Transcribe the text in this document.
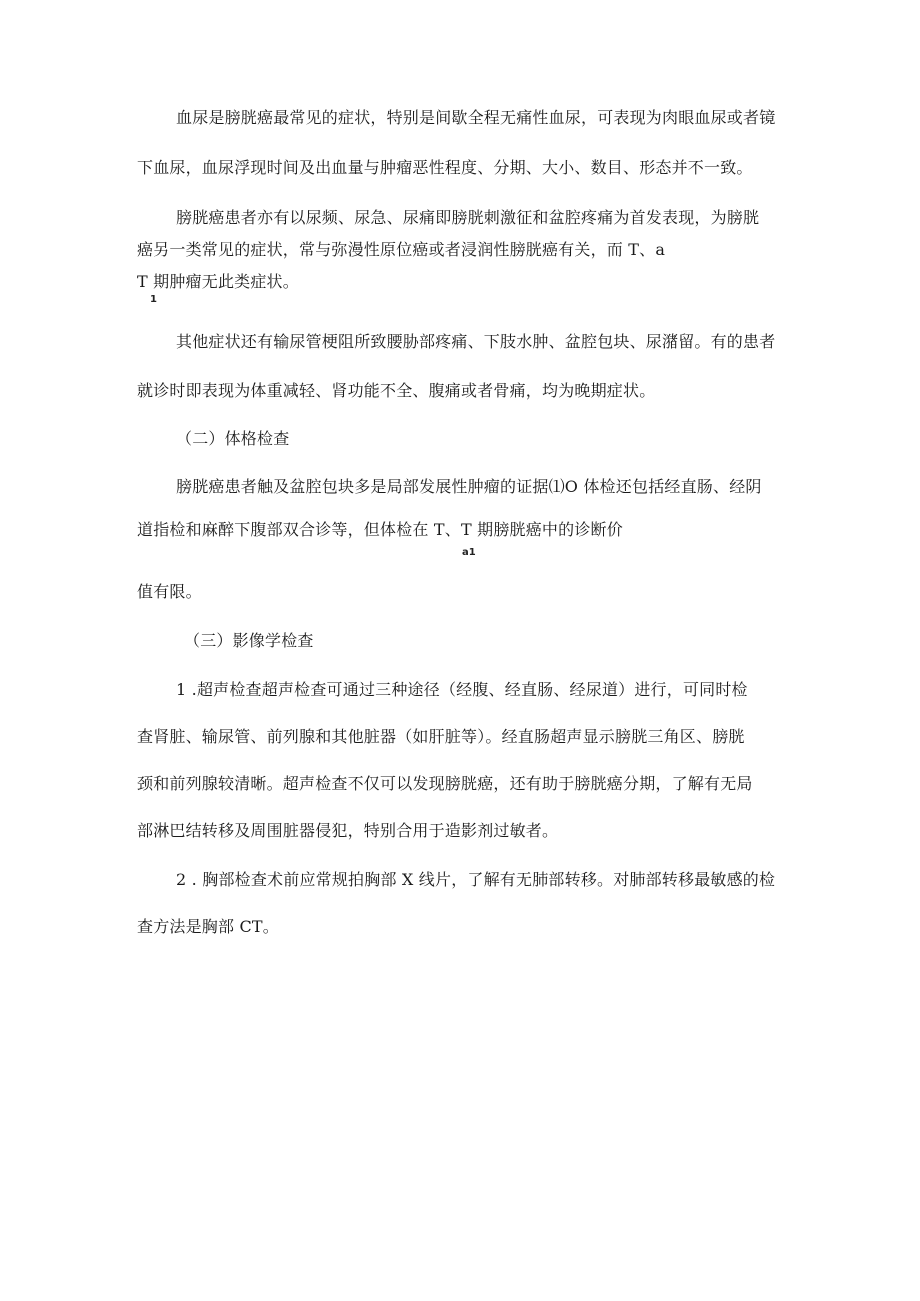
血尿是膀胱癌最常见的症状，特别是间歇全程无痛性血尿，可表现为肉眼血尿或者镜
下血尿，血尿浮现时间及出血量与肿瘤恶性程度、分期、大小、数目、形态并不一致。
膀胱癌患者亦有以尿频、尿急、尿痛即膀胱刺激征和盆腔疼痛为首发表现，为膀胱
癌另一类常见的症状，常与弥漫性原位癌或者浸润性膀胱癌有关，而 T、a
T 期肿瘤无此类症状。
1
其他症状还有输尿管梗阻所致腰胁部疼痛、下肢水肿、盆腔包块、尿潴留。有的患者
就诊时即表现为体重减轻、肾功能不全、腹痛或者骨痛，均为晚期症状。
（二）体格检查
膀胱癌患者触及盆腔包块多是局部发展性肿瘤的证据⑴O 体检还包括经直肠、经阴
道指检和麻醉下腹部双合诊等，但体检在 T、T 期膀胱癌中的诊断价
a1
值有限。
（三）影像学检查
1 .超声检查超声检查可通过三种途径（经腹、经直肠、经尿道）进行，可同时检
查肾脏、输尿管、前列腺和其他脏器（如肝脏等）。经直肠超声显示膀胱三角区、膀胱
颈和前列腺较清晰。超声检查不仅可以发现膀胱癌，还有助于膀胱癌分期，了解有无局
部淋巴结转移及周围脏器侵犯，特别合用于造影剂过敏者。
2 . 胸部检查术前应常规拍胸部 X 线片，了解有无肺部转移。对肺部转移最敏感的检
查方法是胸部 CT。
